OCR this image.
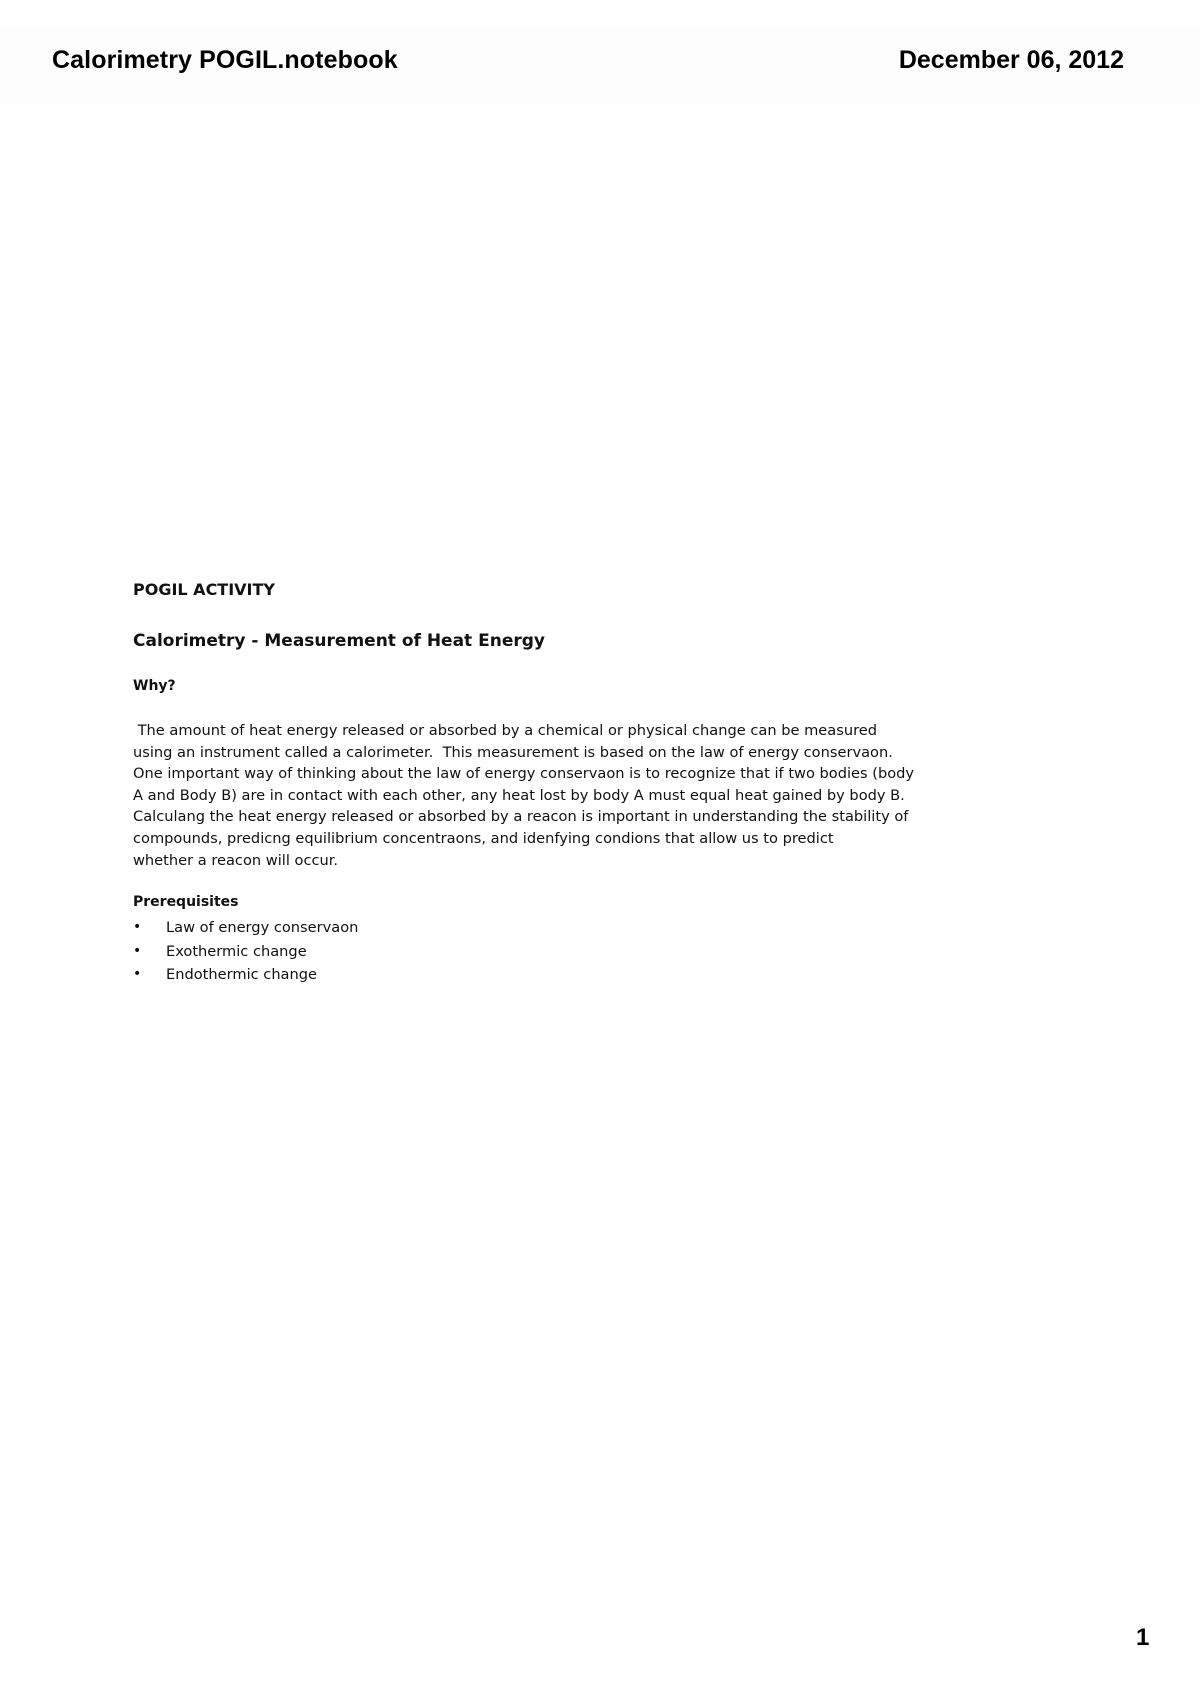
Calorimetry POGIL.notebook	December 06, 2012
POGIL ACTIVITY
Calorimetry - Measurement of Heat Energy
Why?
The amount of heat energy released or absorbed by a chemical or physical change can be measured
using an instrument called a calorimeter.  This measurement is based on the law of energy conservaon.
One important way of thinking about the law of energy conservaon is to recognize that if two bodies (body
A and Body B) are in contact with each other, any heat lost by body A must equal heat gained by body B.
Calculang the heat energy released or absorbed by a reacon is important in understanding the stability of
compounds, predicng equilibrium concentraons, and idenfying condions that allow us to predict
whether a reacon will occur.
Prerequisites
• Law of energy conservaon
• Exothermic change
• Endothermic change
1
